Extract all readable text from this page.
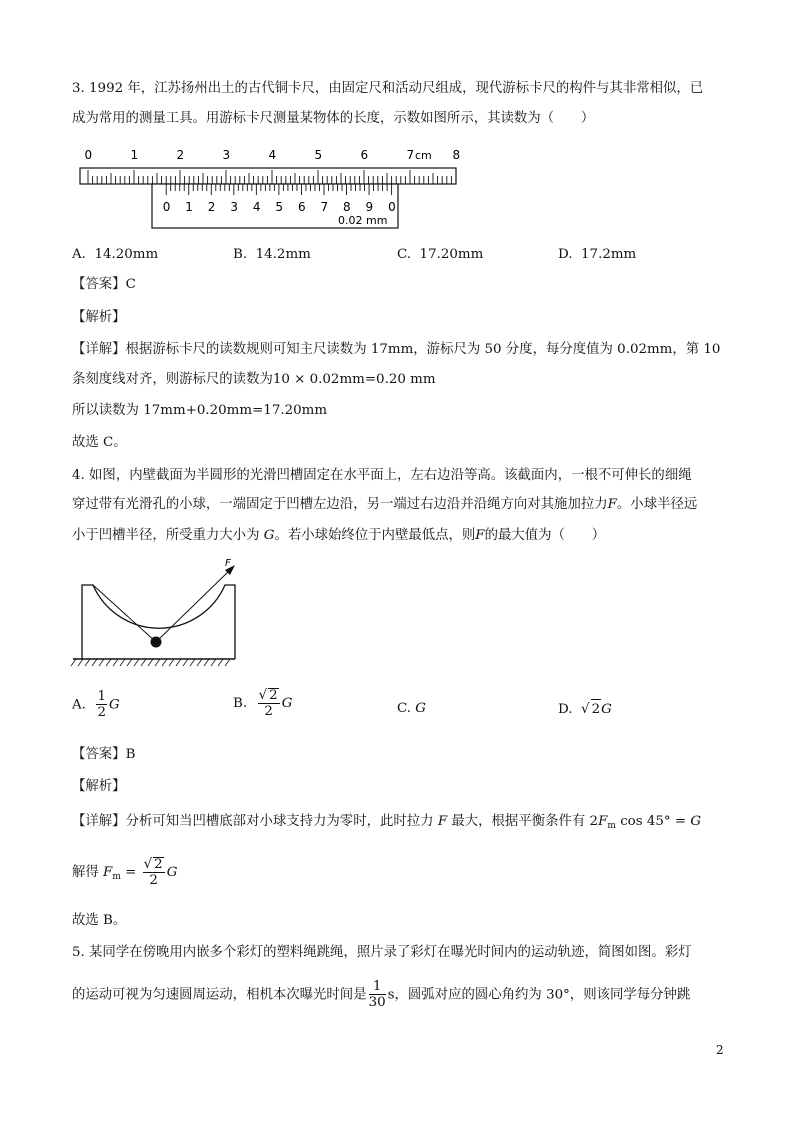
3. 1992 年，江苏扬州出土的古代铜卡尺，由固定尺和活动尺组成，现代游标卡尺的构件与其非常相似，已
成为常用的测量工具。用游标卡尺测量某物体的长度，示数如图所示，其读数为（　　）
0	1	2	3	4	5	6	7	8
0 1 2 3 4 5 6 7 8 9 0
cm
0.02 mm
A. 14.20mm	B. 14.2mm	C. 17.20mm	D. 17.2mm
【答案】C
【解析】
【详解】根据游标卡尺的读数规则可知主尺读数为 17mm，游标尺为 50 分度，每分度值为 0.02mm，第 10
条刻度线对齐，则游标尺的读数为10 × 0.02mm=0.20 mm
所以读数为 17mm+0.20mm=17.20mm
故选 C。
4. 如图，内壁截面为半圆形的光滑凹槽固定在水平面上，左右边沿等高。该截面内，一根不可伸长的细绳
穿过带有光滑孔的小球，一端固定于凹槽左边沿，另一端过右边沿并沿绳方向对其施加拉力F。小球半径远
小于凹槽半径，所受重力大小为 G。若小球始终位于内壁最低点，则F的最大值为（　　）
F
A. $\frac{1}{2}$ G	B. $\frac{√ 2}{2}$ G	C. G	D. √ 2G
【答案】B
【解析】
【详解】分析可知当凹槽底部对小球支持力为零时，此时拉力 F 最大，根据平衡条件有 $2F_m$ cos 45° = G
解得 $F_m = \frac{√ 2}{2}$ G
故选 B。
5. 某同学在傍晚用内嵌多个彩灯的塑料绳跳绳，照片录了彩灯在曝光时间内的运动轨迹，简图如图。彩灯
的运动可视为匀速圆周运动，相机本次曝光时间是 $\frac{1}{30}$ s，圆弧对应的圆心角约为 30°，则该同学每分钟跳
2
